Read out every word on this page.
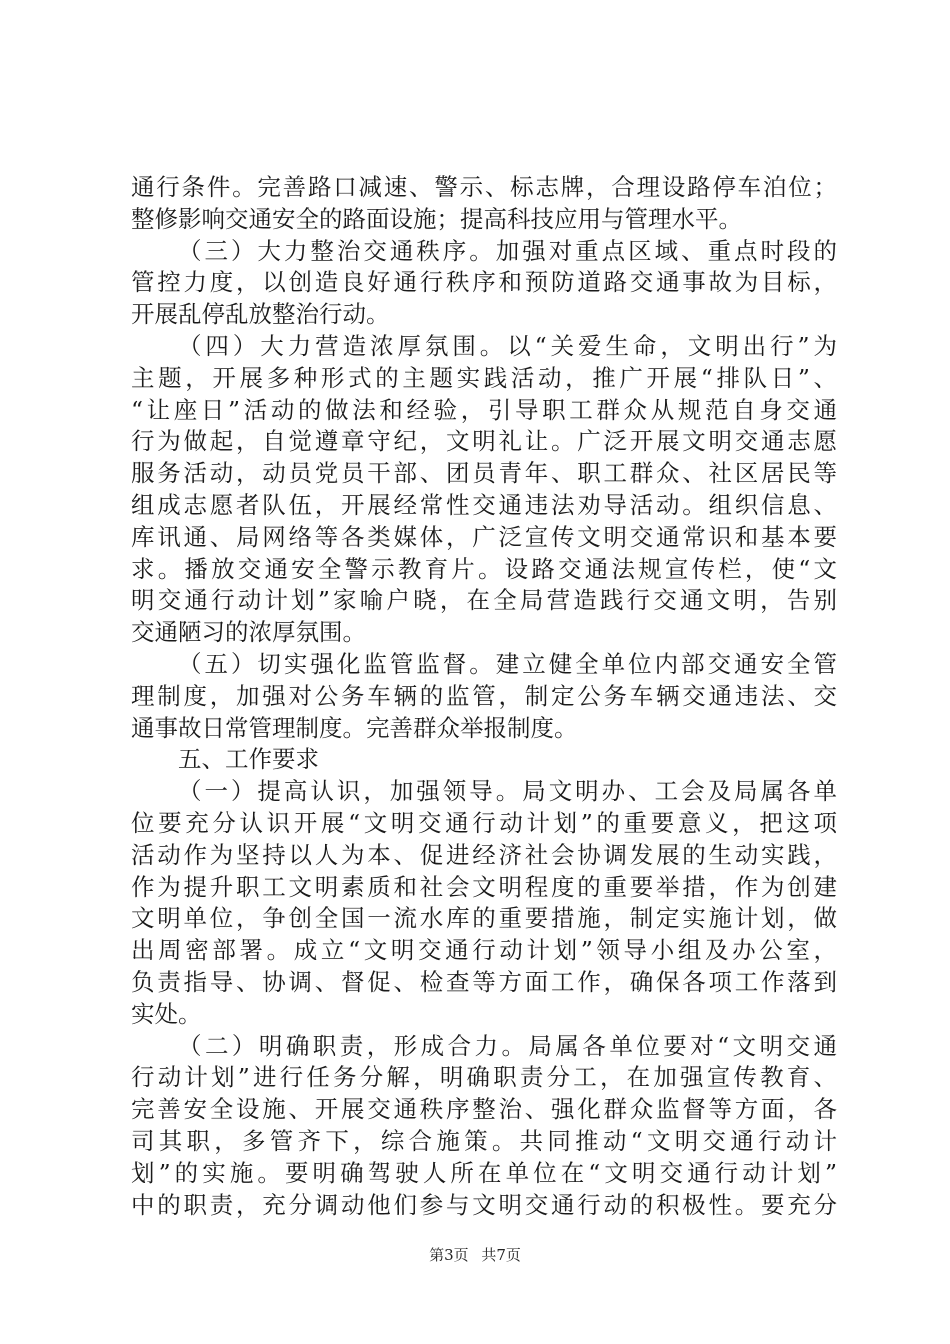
通行条件。完善路口减速、警示、标志牌，合理设路停车泊位；
整修影响交通安全的路面设施；提高科技应用与管理水平。
（三）大力整治交通秩序。加强对重点区域、重点时段的
管控力度，以创造良好通行秩序和预防道路交通事故为目标，
开展乱停乱放整治行动。
（四）大力营造浓厚氛围。以“关爱生命，文明出行”为
主题，开展多种形式的主题实践活动，推广开展“排队日”、
“让座日”活动的做法和经验，引导职工群众从规范自身交通
行为做起，自觉遵章守纪，文明礼让。广泛开展文明交通志愿
服务活动，动员党员干部、团员青年、职工群众、社区居民等
组成志愿者队伍，开展经常性交通违法劝导活动。组织信息、
库讯通、局网络等各类媒体，广泛宣传文明交通常识和基本要
求。播放交通安全警示教育片。设路交通法规宣传栏，使“文
明交通行动计划”家喻户晓，在全局营造践行交通文明，告别
交通陋习的浓厚氛围。
（五）切实强化监管监督。建立健全单位内部交通安全管
理制度，加强对公务车辆的监管，制定公务车辆交通违法、交
通事故日常管理制度。完善群众举报制度。
五、工作要求
（一）提高认识，加强领导。局文明办、工会及局属各单
位要充分认识开展“文明交通行动计划”的重要意义，把这项
活动作为坚持以人为本、促进经济社会协调发展的生动实践，
作为提升职工文明素质和社会文明程度的重要举措，作为创建
文明单位，争创全国一流水库的重要措施，制定实施计划，做
出周密部署。成立“文明交通行动计划”领导小组及办公室，
负责指导、协调、督促、检查等方面工作，确保各项工作落到
实处。
（二）明确职责，形成合力。局属各单位要对“文明交通
行动计划”进行任务分解，明确职责分工，在加强宣传教育、
完善安全设施、开展交通秩序整治、强化群众监督等方面，各
司其职，多管齐下，综合施策。共同推动“文明交通行动计
划”的实施。要明确驾驶人所在单位在“文明交通行动计划”
中的职责，充分调动他们参与文明交通行动的积极性。要充分
第3页 共7页
